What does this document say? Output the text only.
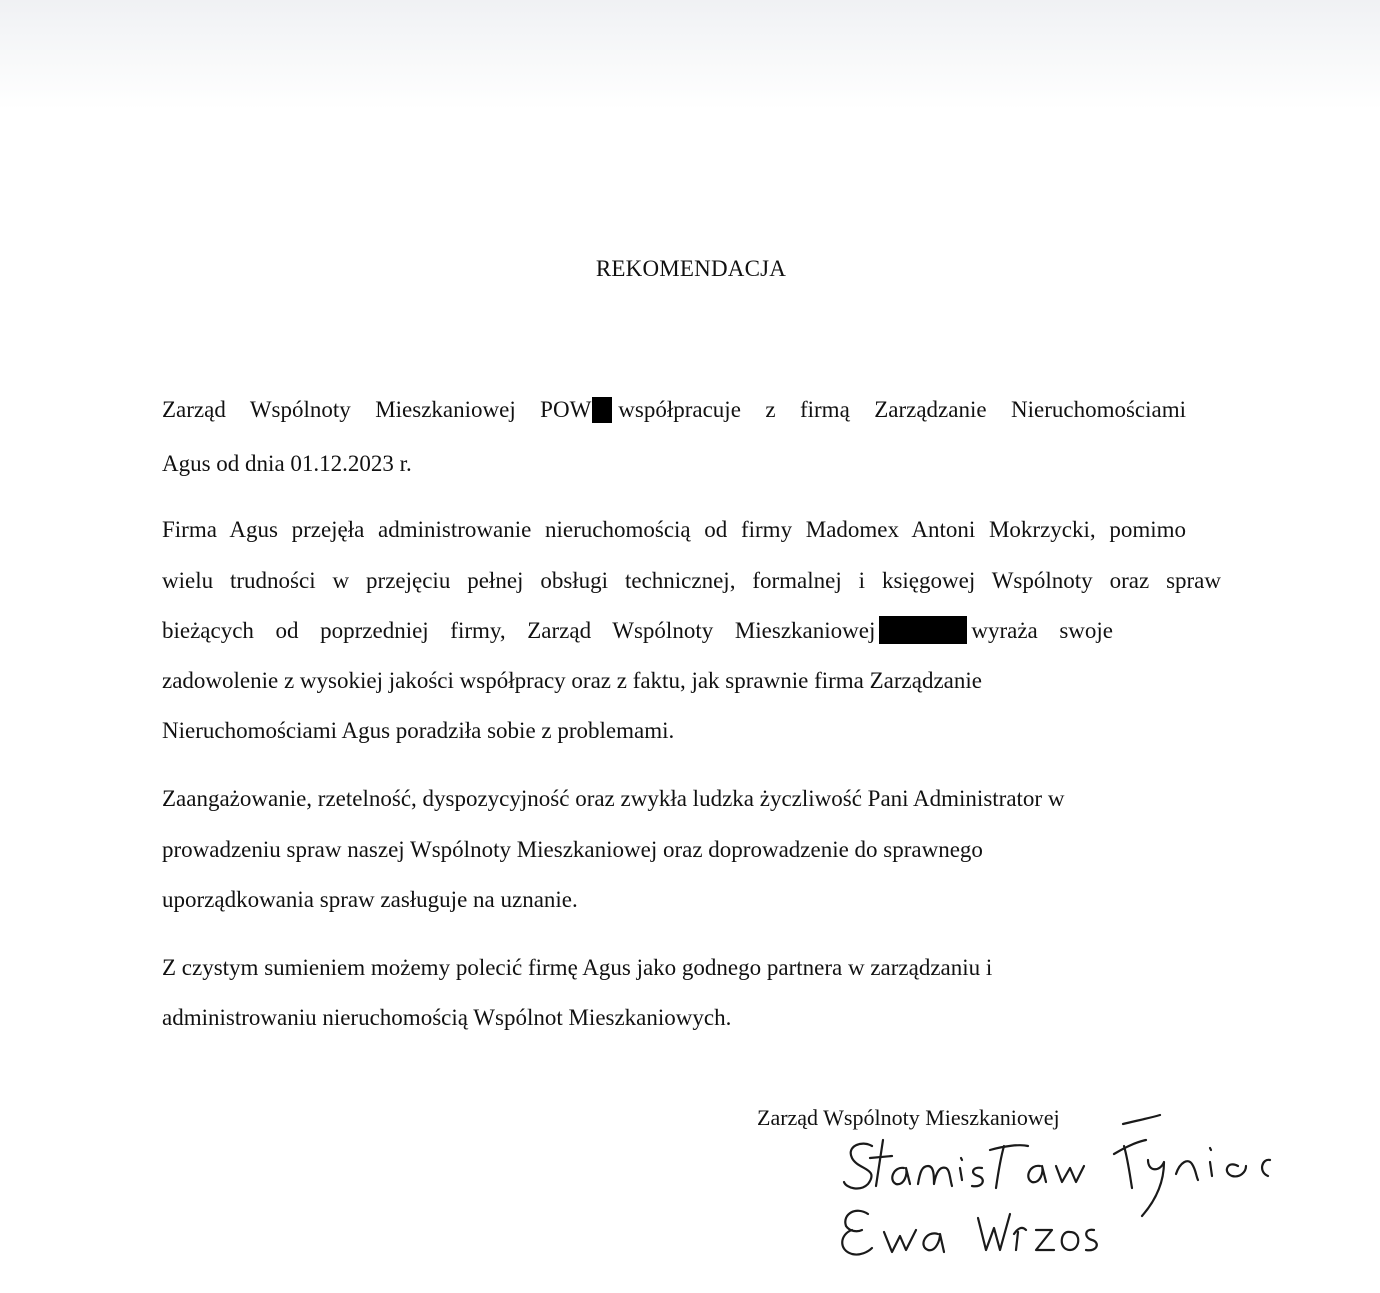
REKOMENDACJA
Zarząd Wspólnoty Mieszkaniowej POW współpracuje z firmą Zarządzanie Nieruchomościami
Agus od dnia 01.12.2023 r.
Firma Agus przejęła administrowanie nieruchomością od firmy Madomex Antoni Mokrzycki, pomimo
wielu trudności w przejęciu pełnej obsługi technicznej, formalnej i księgowej Wspólnoty oraz spraw
bieżących od poprzedniej firmy, Zarząd Wspólnoty Mieszkaniowej	wyraża swoje
zadowolenie z wysokiej jakości współpracy oraz z faktu, jak sprawnie firma Zarządzanie
Nieruchomościami Agus poradziła sobie z problemami.
Zaangażowanie, rzetelność, dyspozycyjność oraz zwykła ludzka życzliwość Pani Administrator w
prowadzeniu spraw naszej Wspólnoty Mieszkaniowej oraz doprowadzenie do sprawnego
uporządkowania spraw zasługuje na uznanie.
Z czystym sumieniem możemy polecić firmę Agus jako godnego partnera w zarządzaniu i
administrowaniu nieruchomością Wspólnot Mieszkaniowych.
Zarząd Wspólnoty Mieszkaniowej
